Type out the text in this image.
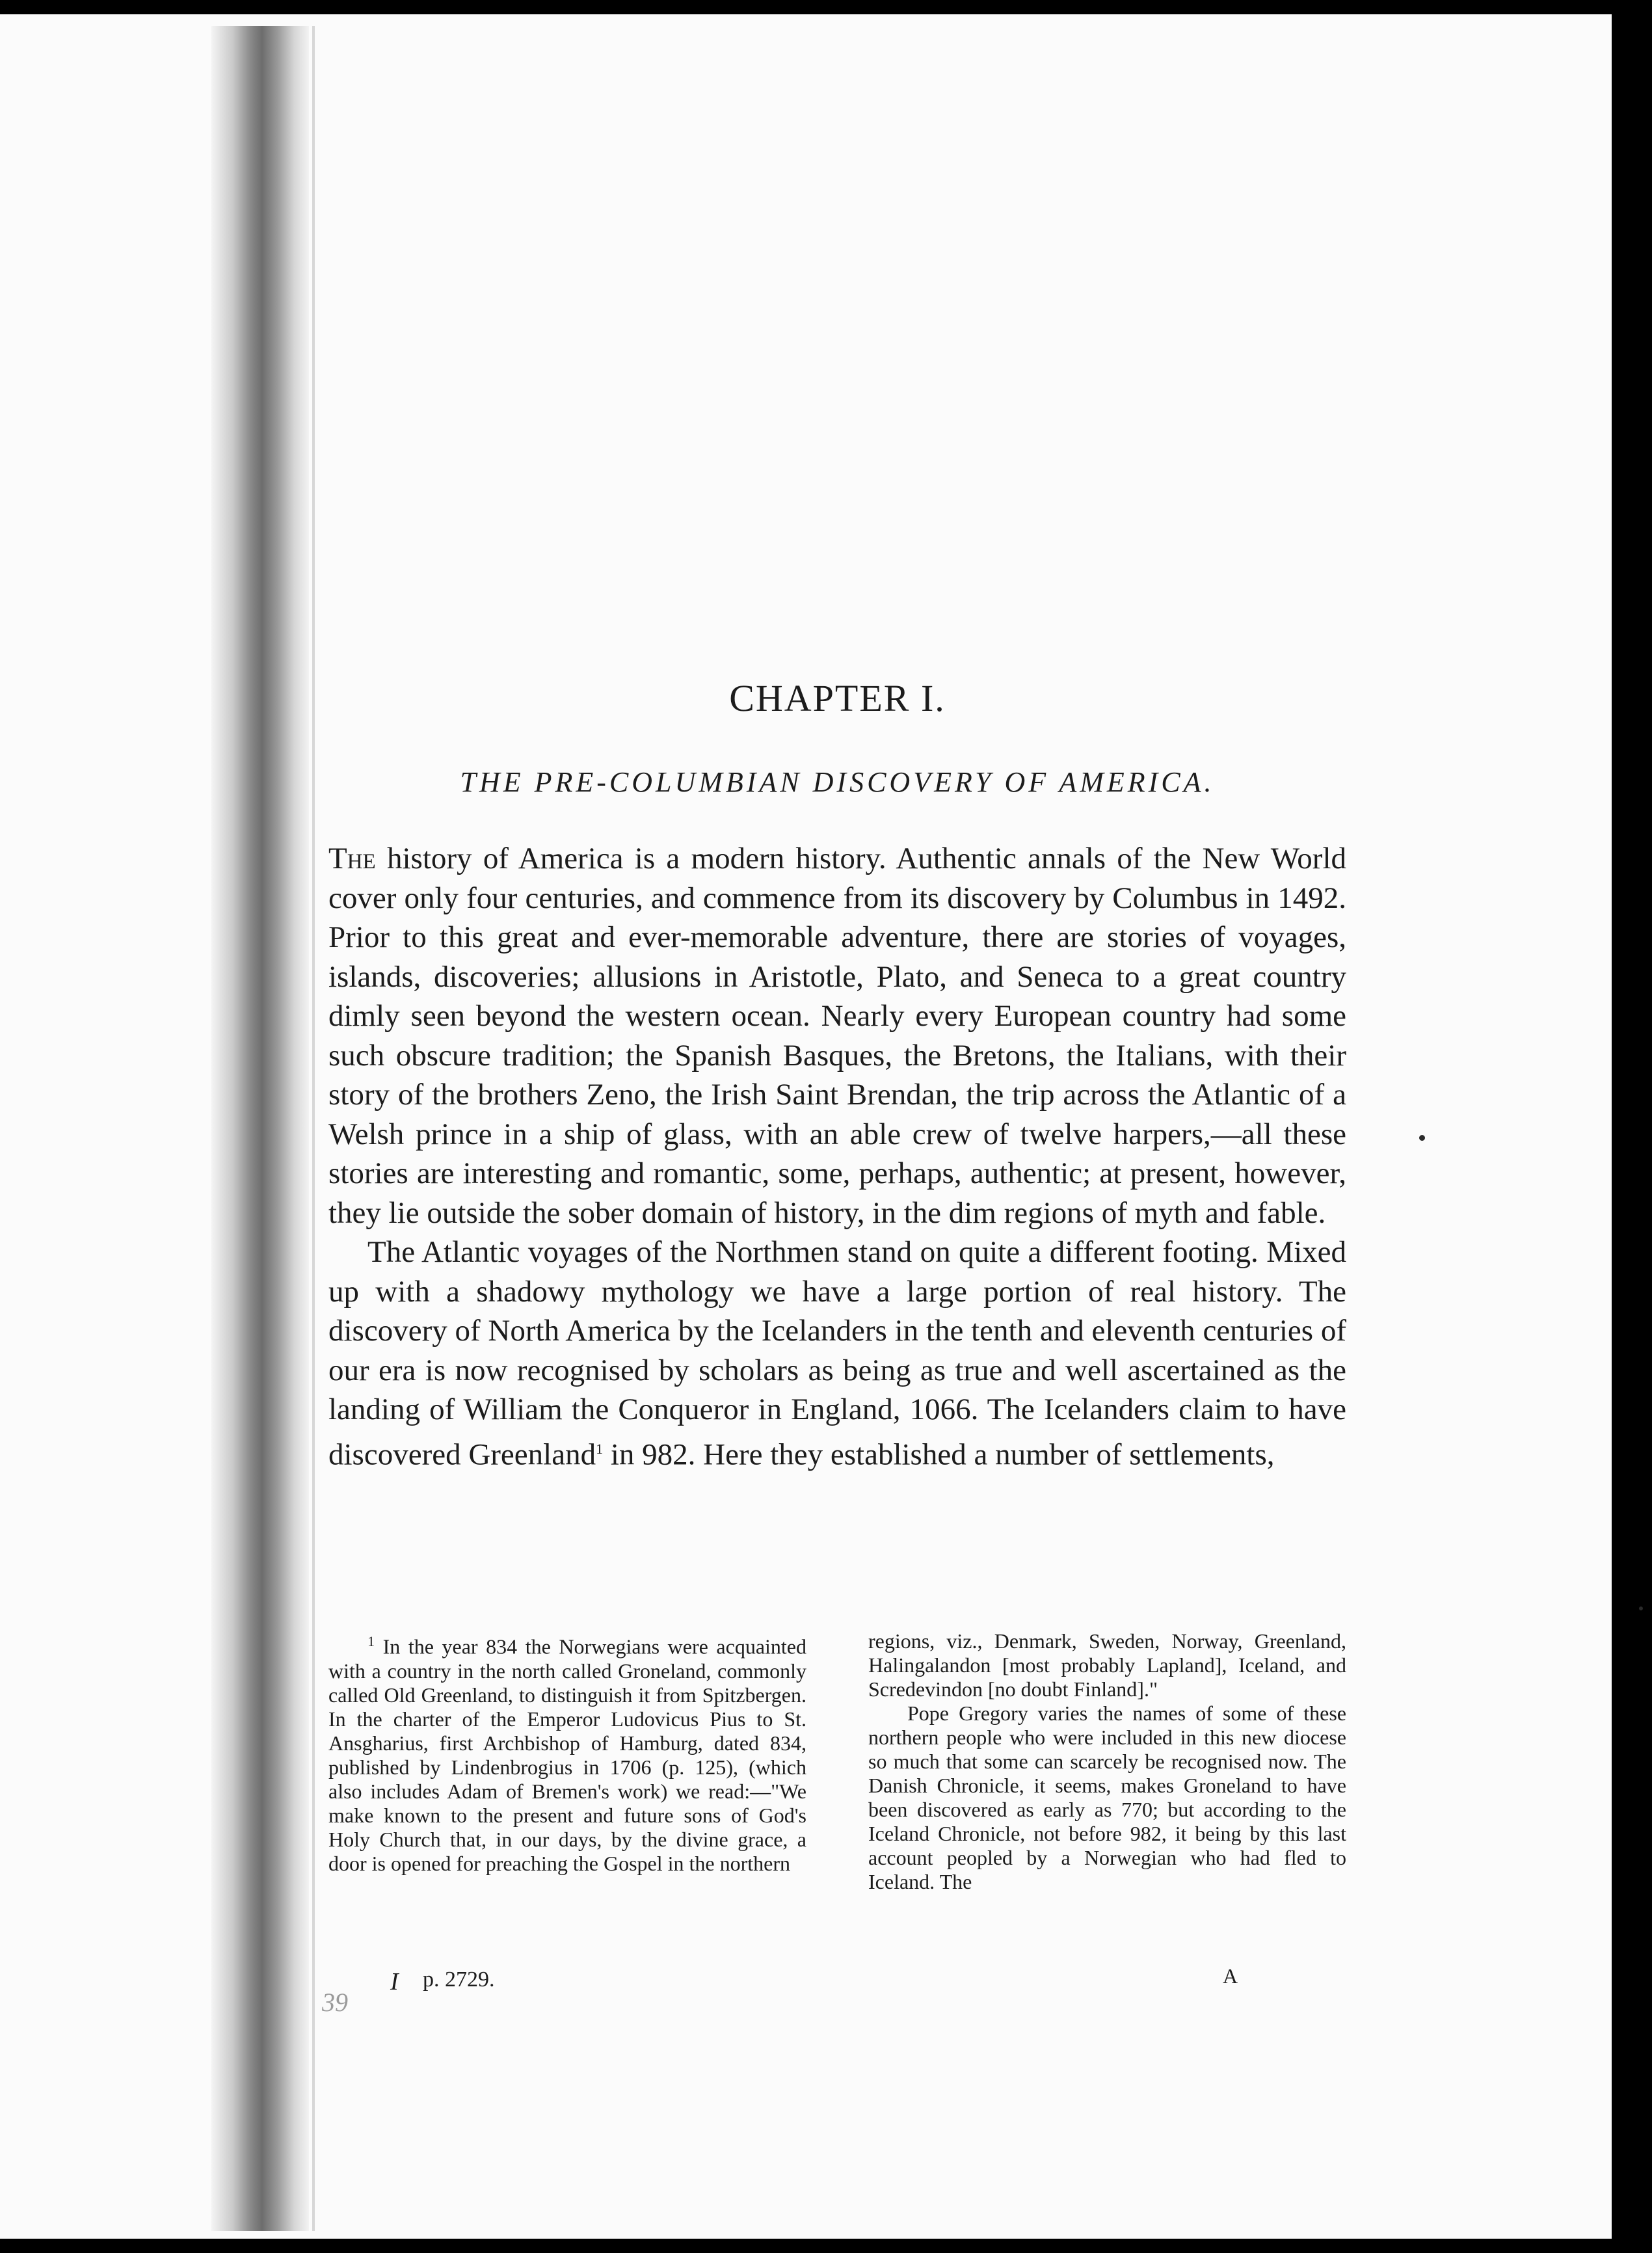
CHAPTER I.
THE PRE-COLUMBIAN DISCOVERY OF AMERICA.

The history of America is a modern history. Authentic annals of the New World cover only four centuries, and commence from its discovery by Columbus in 1492. Prior to this great and ever-memorable adventure, there are stories of voyages, islands, discoveries; allusions in Aristotle, Plato, and Seneca to a great country dimly seen beyond the western ocean. Nearly every European country had some such obscure tradition; the Spanish Basques, the Bretons, the Italians, with their story of the brothers Zeno, the Irish Saint Brendan, the trip across the Atlantic of a Welsh prince in a ship of glass, with an able crew of twelve harpers,—all these stories are interesting and romantic, some, perhaps, authentic; at present, however, they lie outside the sober domain of history, in the dim regions of myth and fable.

The Atlantic voyages of the Northmen stand on quite a different footing. Mixed up with a shadowy mythology we have a large portion of real history. The discovery of North America by the Icelanders in the tenth and eleventh centuries of our era is now recognised by scholars as being as true and well ascertained as the landing of William the Conqueror in England, 1066. The Icelanders claim to have discovered Greenland$^1$ in 982. Here they established a number of settlements,

$^1$ In the year 834 the Norwegians were acquainted with a country in the north called Groneland, commonly called Old Greenland, to distinguish it from Spitzbergen. In the charter of the Emperor Ludovicus Pius to St. Ansgharius, first Archbishop of Hamburg, dated 834, published by Lindenbrogius in 1706 (p. 125), (which also includes Adam of Bremen's work) we read:—"We make known to the present and future sons of God's Holy Church that, in our days, by the divine grace, a door is opened for preaching the Gospel in the northern

regions, viz., Denmark, Sweden, Norway, Greenland, Halingalandon [most probably Lapland], Iceland, and Scredevindon [no doubt Finland]."

Pope Gregory varies the names of some of these northern people who were included in this new diocese so much that some can scarcely be recognised now. The Danish Chronicle, it seems, makes Groneland to have been discovered as early as 770; but according to the Iceland Chronicle, not before 982, it being by this last account peopled by a Norwegian who had fled to Iceland. The

I p. 2729.	A
39
